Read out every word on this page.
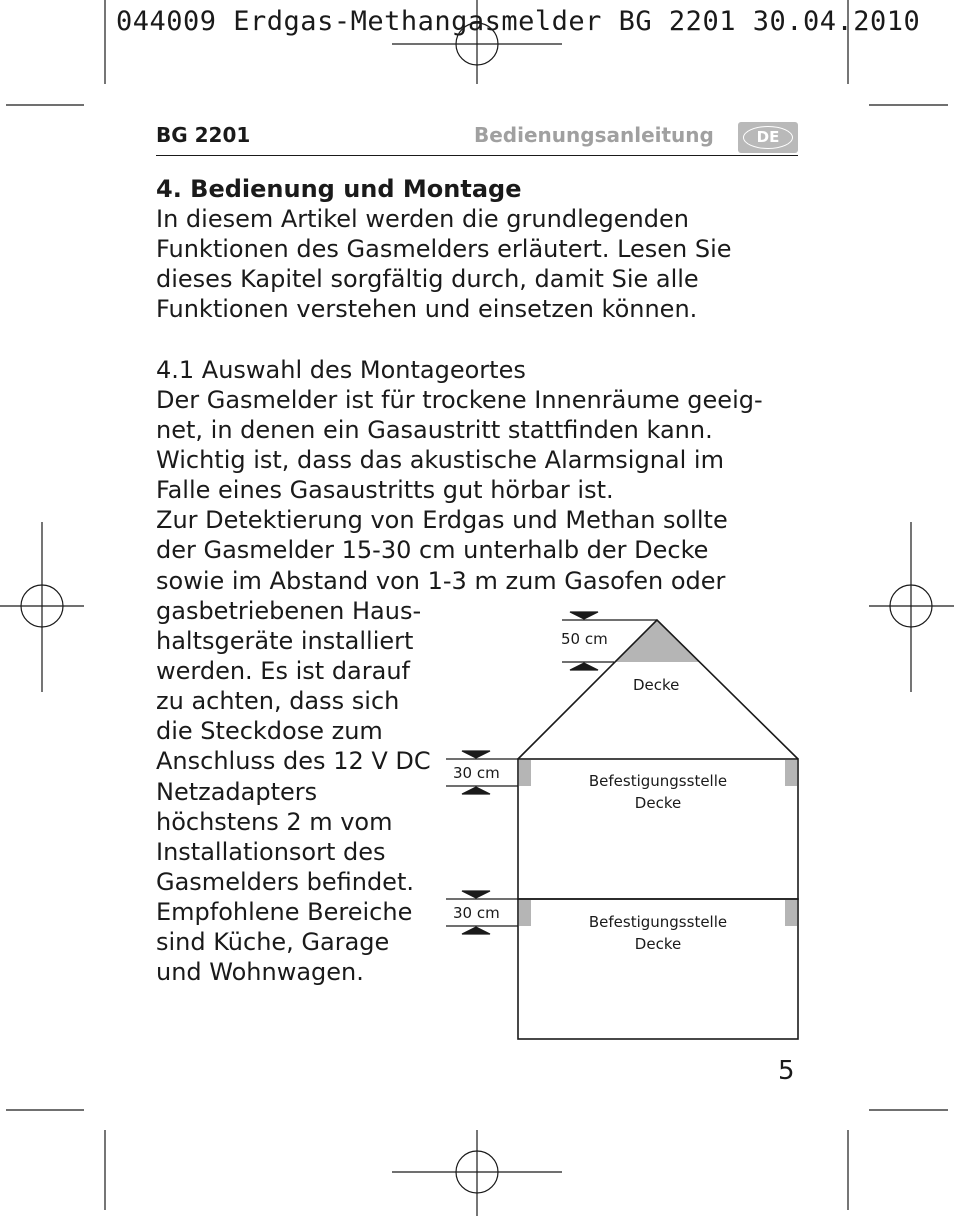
044009 Erdgas-Methangasmelder BG 2201 30.04.2010

BG 2201	Bedienungsanleitung	DE

4. Bedienung und Montage

In diesem Artikel werden die grundlegenden
Funktionen des Gasmelders erläutert. Lesen Sie
dieses Kapitel sorgfältig durch, damit Sie alle
Funktionen verstehen und einsetzen können.
4.1 Auswahl des Montageortes
Der Gasmelder ist für trockene Innenräume geeig-
net, in denen ein Gasaustritt stattfinden kann.
Wichtig ist, dass das akustische Alarmsignal im
Falle eines Gasaustritts gut hörbar ist.
Zur Detektierung von Erdgas und Methan sollte
der Gasmelder 15-30 cm unterhalb der Decke
sowie im Abstand von 1-3 m zum Gasofen oder
gasbetriebenen Haus-
haltsgeräte installiert
werden. Es ist darauf
zu achten, dass sich
die Steckdose zum
Anschluss des 12 V DC
Netzadapters
höchstens 2 m vom
Installationsort des
Gasmelders befindet.
Empfohlene Bereiche
sind Küche, Garage
und Wohnwagen.
50 cm
Decke
30 cm	Befestigungsstelle
Decke
30 cm	Befestigungsstelle
Decke

5
